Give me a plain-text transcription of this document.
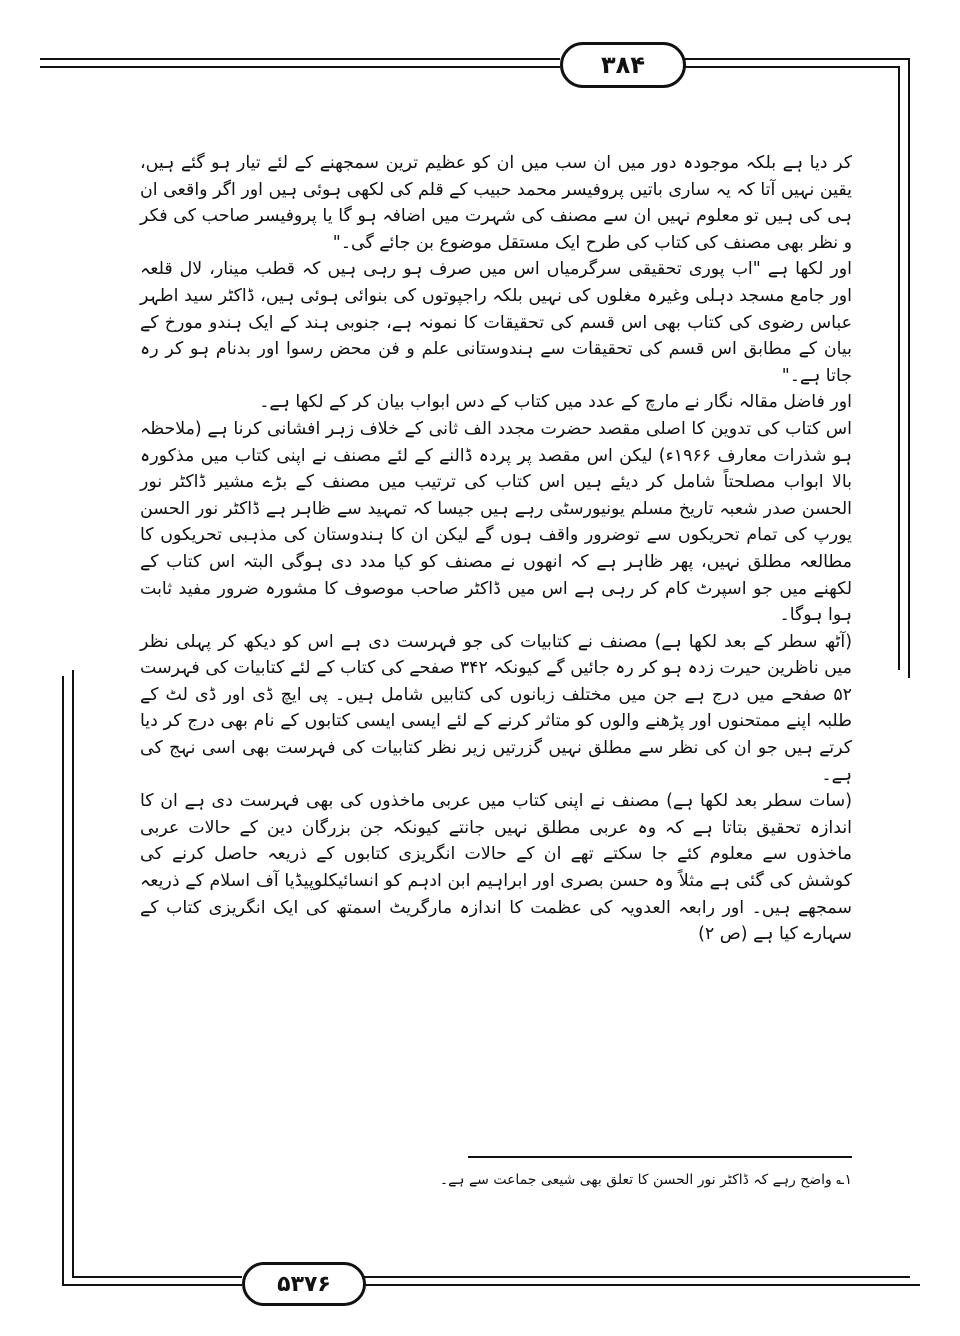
۳۸۴

کر دیا ہے بلکہ موجودہ دور میں ان سب میں ان کو عظیم ترین سمجھنے کے لئے تیار ہو گئے ہیں، یقین نہیں آتا کہ یہ ساری باتیں پروفیسر محمد حبیب کے قلم کی لکھی ہوئی ہیں اور اگر واقعی ان ہی کی ہیں تو معلوم نہیں ان سے مصنف کی شہرت میں اضافہ ہو گا یا پروفیسر صاحب کی فکر و نظر بھی مصنف کی کتاب کی طرح ایک مستقل موضوع بن جائے گی۔"

اور لکھا ہے "اب پوری تحقیقی سرگرمیاں اس میں صرف ہو رہی ہیں کہ قطب مینار، لال قلعہ اور جامع مسجد دہلی وغیرہ مغلوں کی نہیں بلکہ راجپوتوں کی بنوائی ہوئی ہیں، ڈاکٹر سید اطہر عباس رضوی کی کتاب بھی اس قسم کی تحقیقات کا نمونہ ہے، جنوبی ہند کے ایک ہندو مورخ کے بیان کے مطابق اس قسم کی تحقیقات سے ہندوستانی علم و فن محض رسوا اور بدنام ہو کر رہ جاتا ہے۔"

اور فاضل مقالہ نگار نے مارچ کے عدد میں کتاب کے دس ابواب بیان کر کے لکھا ہے۔

اس کتاب کی تدوین کا اصلی مقصد حضرت مجدد الف ثانی کے خلاف زہر افشانی کرنا ہے (ملاحظہ ہو شذرات معارف ۱۹۶۶ء) لیکن اس مقصد پر پردہ ڈالنے کے لئے مصنف نے اپنی کتاب میں مذکورہ بالا ابواب مصلحتاً شامل کر دیئے ہیں اس کتاب کی ترتیب میں مصنف کے بڑے مشیر ڈاکٹر نور الحسن صدر شعبہ تاریخ مسلم یونیورسٹی رہے ہیں جیسا کہ تمہید سے ظاہر ہے ڈاکٹر نور الحسن یورپ کی تمام تحریکوں سے توضرور واقف ہوں گے لیکن ان کا ہندوستان کی مذہبی تحریکوں کا مطالعہ مطلق نہیں، پھر ظاہر ہے کہ انھوں نے مصنف کو کیا مدد دی ہوگی البتہ اس کتاب کے لکھنے میں جو اسپرٹ کام کر رہی ہے اس میں ڈاکٹر صاحب موصوف کا مشورہ ضرور مفید ثابت ہوا ہوگا۔

(آٹھ سطر کے بعد لکھا ہے) مصنف نے کتابیات کی جو فہرست دی ہے اس کو دیکھ کر پہلی نظر میں ناظرین حیرت زدہ ہو کر رہ جائیں گے کیونکہ ۳۴۲ صفحے کی کتاب کے لئے کتابیات کی فہرست ۵۲ صفحے میں درج ہے جن میں مختلف زبانوں کی کتابیں شامل ہیں۔ پی ایچ ڈی اور ڈی لٹ کے طلبہ اپنے ممتحنوں اور پڑھنے والوں کو متاثر کرنے کے لئے ایسی ایسی کتابوں کے نام بھی درج کر دیا کرتے ہیں جو ان کی نظر سے مطلق نہیں گزرتیں زیر نظر کتابیات کی فہرست بھی اسی نہج کی ہے۔

(سات سطر بعد لکھا ہے) مصنف نے اپنی کتاب میں عربی ماخذوں کی بھی فہرست دی ہے ان کا اندازہ تحقیق بتاتا ہے کہ وہ عربی مطلق نہیں جانتے کیونکہ جن بزرگان دین کے حالات عربی ماخذوں سے معلوم کئے جا سکتے تھے ان کے حالات انگریزی کتابوں کے ذریعہ حاصل کرنے کی کوشش کی گئی ہے مثلاً وہ حسن بصری اور ابراہیم ابن ادہم کو انسائیکلوپیڈیا آف اسلام کے ذریعہ سمجھے ہیں۔ اور رابعہ العدویہ کی عظمت کا اندازہ مارگریٹ اسمتھ کی ایک انگریزی کتاب کے سہارے کیا ہے (ص ۲)

۱؎ واضح رہے کہ ڈاکٹر نور الحسن کا تعلق بھی شیعی جماعت سے ہے۔
۵۳۷۶
